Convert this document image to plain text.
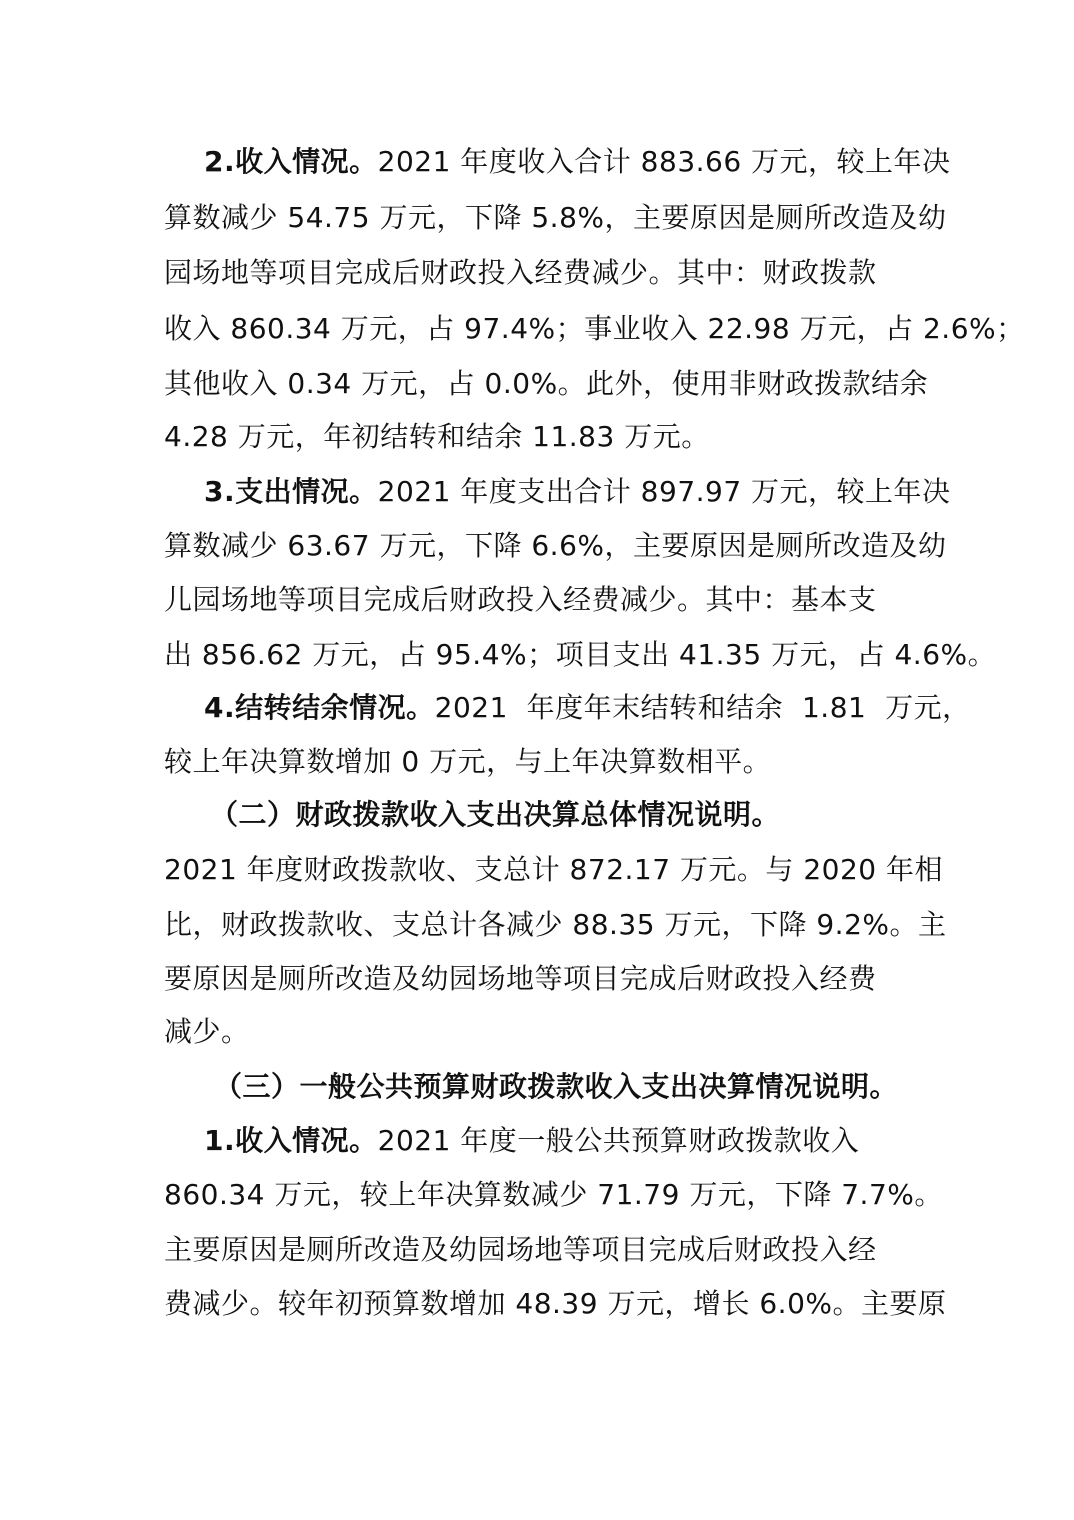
2.收入情况。2021 年度收入合计 883.66 万元，较上年决
算数减少 54.75 万元，下降 5.8%，主要原因是厕所改造及幼
园场地等项目完成后财政投入经费减少。其中：财政拨款
收入 860.34 万元，占 97.4%；事业收入 22.98 万元，占 2.6%；
其他收入 0.34 万元，占 0.0%。此外，使用非财政拨款结余
4.28 万元，年初结转和结余 11.83 万元。
3.支出情况。2021 年度支出合计 897.97 万元，较上年决
算数减少 63.67 万元，下降 6.6%，主要原因是厕所改造及幼
儿园场地等项目完成后财政投入经费减少。其中：基本支
出 856.62 万元，占 95.4%；项目支出 41.35 万元，占 4.6%。
4.结转结余情况。2021  年度年末结转和结余  1.81  万元，
较上年决算数增加 0 万元，与上年决算数相平。
（二）财政拨款收入支出决算总体情况说明。
2021 年度财政拨款收、支总计 872.17 万元。与 2020 年相
比，财政拨款收、支总计各减少 88.35 万元，下降 9.2%。主
要原因是厕所改造及幼园场地等项目完成后财政投入经费
减少。
（三）一般公共预算财政拨款收入支出决算情况说明。
1.收入情况。2021 年度一般公共预算财政拨款收入
860.34 万元，较上年决算数减少 71.79 万元，下降 7.7%。
主要原因是厕所改造及幼园场地等项目完成后财政投入经
费减少。较年初预算数增加 48.39 万元，增长 6.0%。主要原
